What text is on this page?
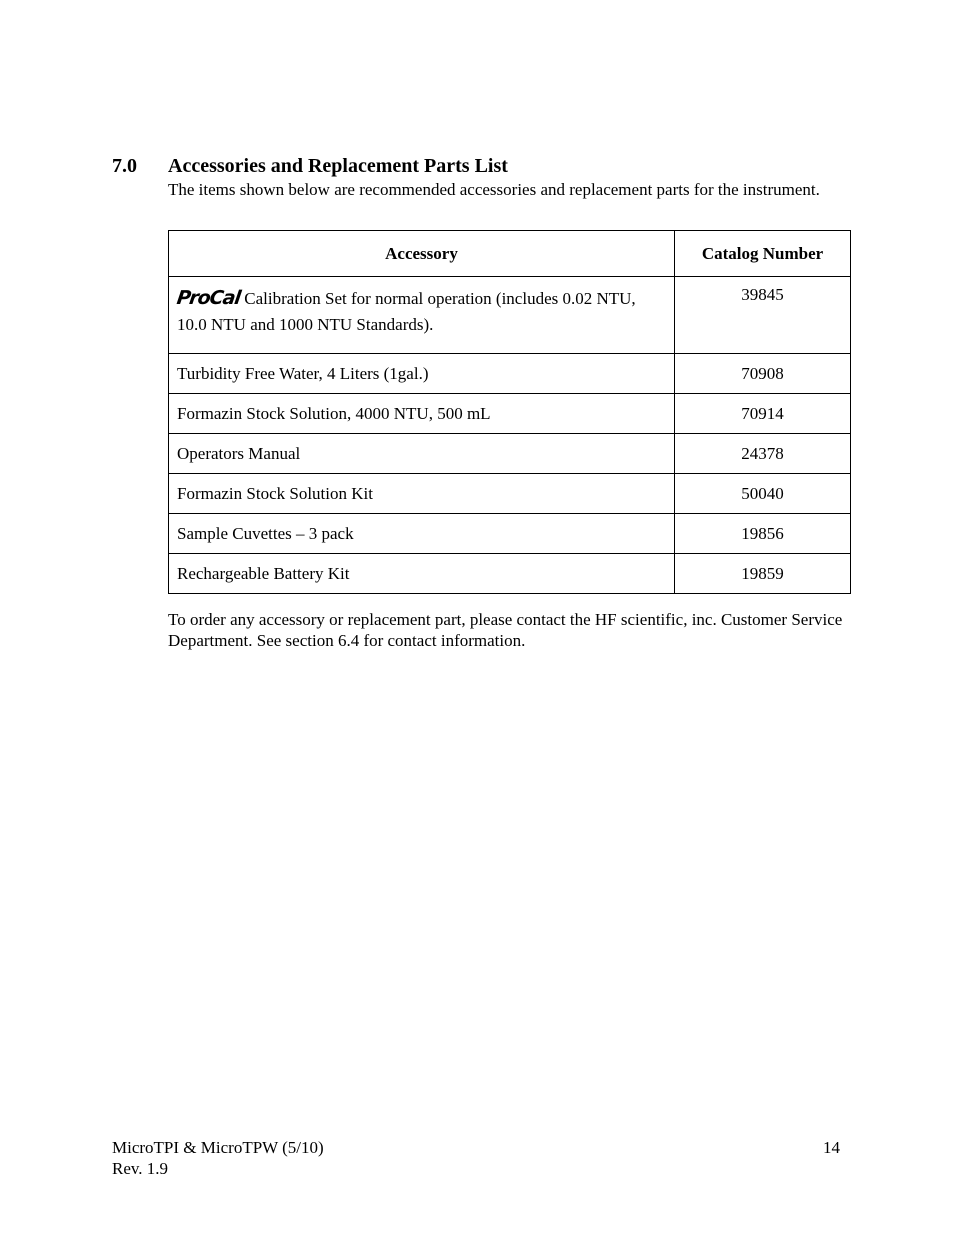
7.0 Accessories and Replacement Parts List
The items shown below are recommended accessories and replacement parts for the instrument.
Accessory	Catalog Number
ProCal Calibration Set for normal operation (includes 0.02 NTU, 10.0 NTU and 1000 NTU Standards).	39845
Turbidity Free Water, 4 Liters (1gal.)	70908
Formazin Stock Solution, 4000 NTU, 500 mL	70914
Operators Manual	24378
Formazin Stock Solution Kit	50040
Sample Cuvettes – 3 pack	19856
Rechargeable Battery Kit	19859
To order any accessory or replacement part, please contact the HF scientific, inc. Customer Service Department. See section 6.4 for contact information.
MicroTPI & MicroTPW (5/10)
Rev. 1.9
14
